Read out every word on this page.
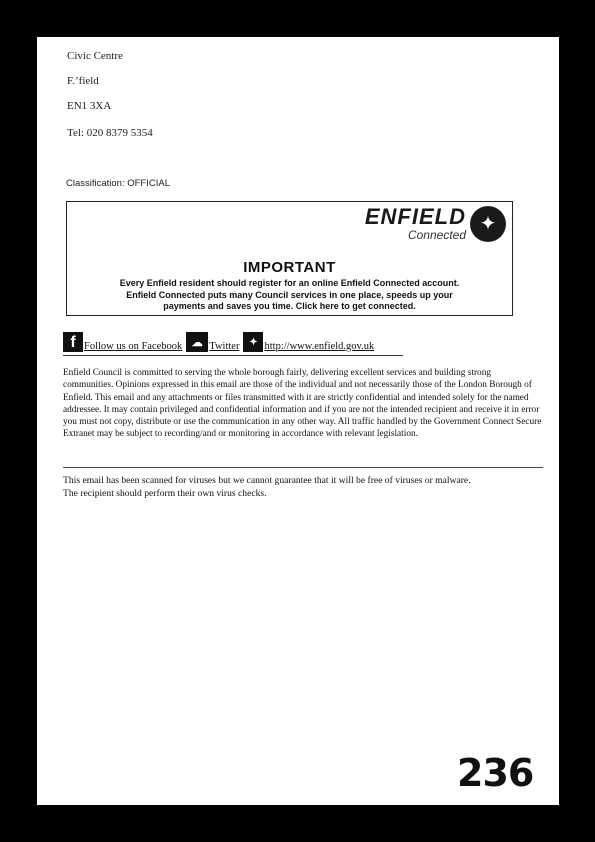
Civic Centre
F.’field
EN1 3XA
Tel: 020 8379 5354
Classification: OFFICIAL
ENFIELD
Connected ✦
IMPORTANT
Every Enfield resident should register for an online Enfield Connected account.
Enfield Connected puts many Council services in one place, speeds up your
payments and saves you time. Click here to get connected.
f Follow us on Facebook ☁ Twitter ✦ http://www.enfield.gov.uk
Enfield Council is committed to serving the whole borough fairly, delivering excellent services and building strong communities. Opinions expressed in this email are those of the individual and not necessarily those of the London Borough of Enfield. This email and any attachments or files transmitted with it are strictly confidential and intended solely for the named addressee. It may contain privileged and confidential information and if you are not the intended recipient and receive it in error you must not copy, distribute or use the communication in any other way. All traffic handled by the Government Connect Secure Extranet may be subject to recording/and or monitoring in accordance with relevant legislation.
This email has been scanned for viruses but we cannot guarantee that it will be free of viruses or malware.
The recipient should perform their own virus checks.
236
